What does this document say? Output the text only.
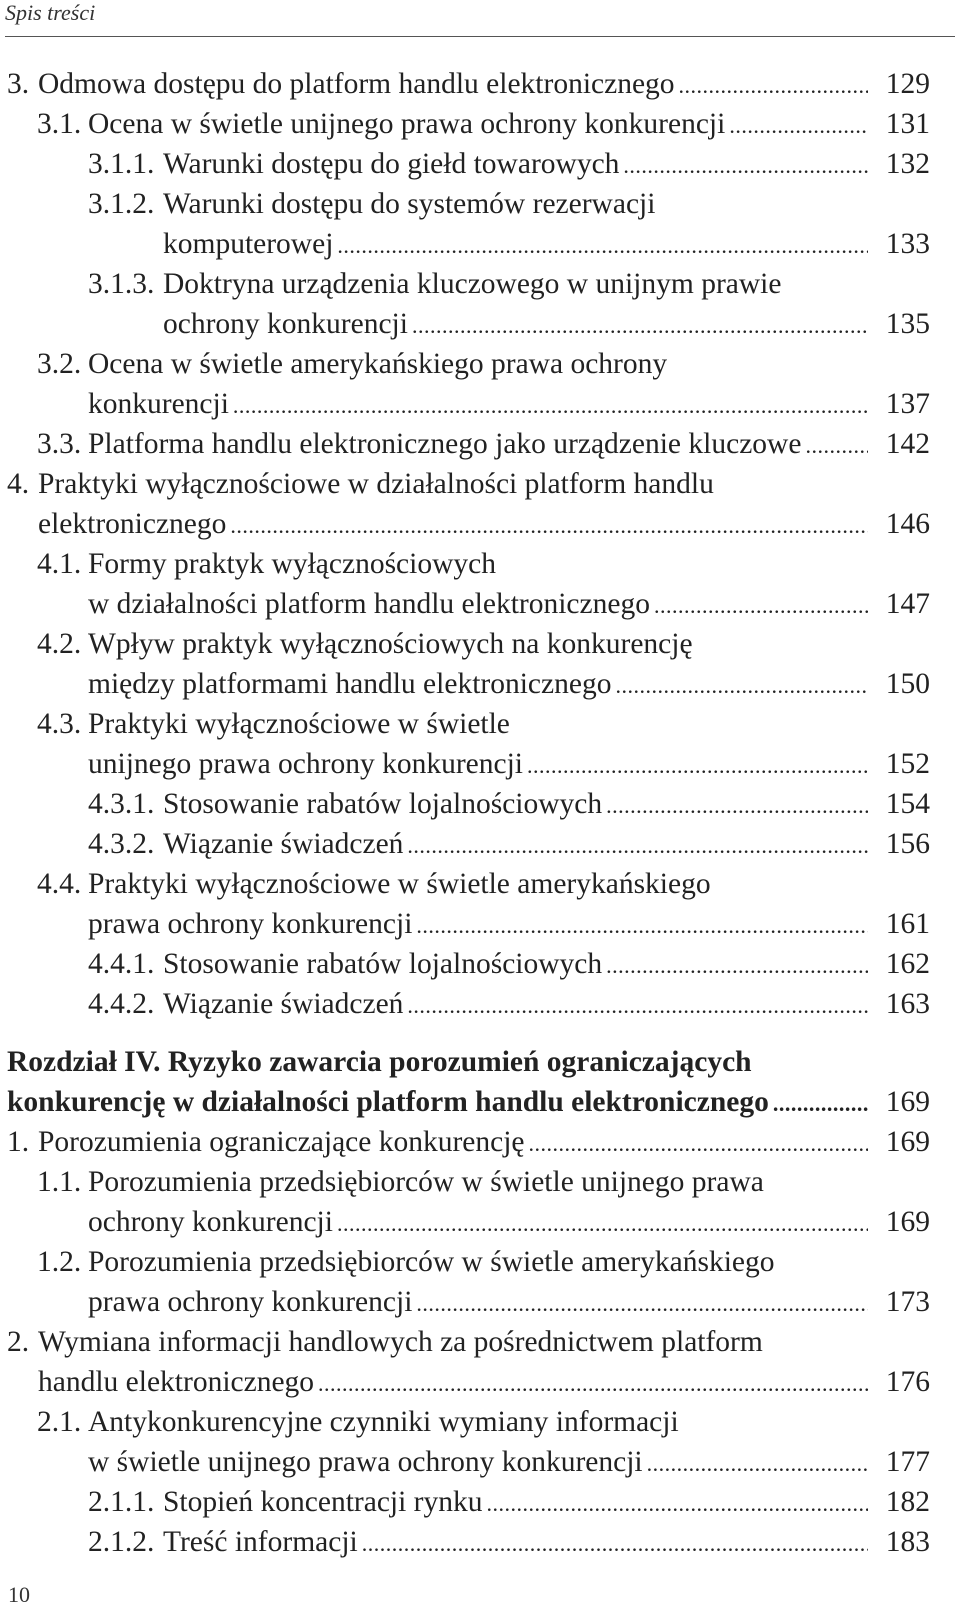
Spis treści
3. Odmowa dostępu do platform handlu elektronicznego .....	129
3.1. Ocena w świetle unijnego prawa ochrony konkurencji .....	131
3.1.1. Warunki dostępu do giełd towarowych .....	132
3.1.2. Warunki dostępu do systemów rezerwacji
komputerowej .....	133
3.1.3. Doktryna urządzenia kluczowego w unijnym prawie
ochrony konkurencji .....	135
3.2. Ocena w świetle amerykańskiego prawa ochrony
konkurencji .....	137
3.3. Platforma handlu elektronicznego jako urządzenie kluczowe .....	142
4. Praktyki wyłącznościowe w działalności platform handlu
elektronicznego .....	146
4.1. Formy praktyk wyłącznościowych
w działalności platform handlu elektronicznego .....	147
4.2. Wpływ praktyk wyłącznościowych na konkurencję
między platformami handlu elektronicznego .....	150
4.3. Praktyki wyłącznościowe w świetle
unijnego prawa ochrony konkurencji .....	152
4.3.1. Stosowanie rabatów lojalnościowych .....	154
4.3.2. Wiązanie świadczeń .....	156
4.4. Praktyki wyłącznościowe w świetle amerykańskiego
prawa ochrony konkurencji .....	161
4.4.1. Stosowanie rabatów lojalnościowych .....	162
4.4.2. Wiązanie świadczeń .....	163
Rozdział IV. Ryzyko zawarcia porozumień ograniczających
konkurencję w działalności platform handlu elektronicznego .....	169
1. Porozumienia ograniczające konkurencję .....	169
1.1. Porozumienia przedsiębiorców w świetle unijnego prawa
ochrony konkurencji .....	169
1.2. Porozumienia przedsiębiorców w świetle amerykańskiego
prawa ochrony konkurencji .....	173
2. Wymiana informacji handlowych za pośrednictwem platform
handlu elektronicznego .....	176
2.1. Antykonkurencyjne czynniki wymiany informacji
w świetle unijnego prawa ochrony konkurencji .....	177
2.1.1. Stopień koncentracji rynku .....	182
2.1.2. Treść informacji .....	183
10
